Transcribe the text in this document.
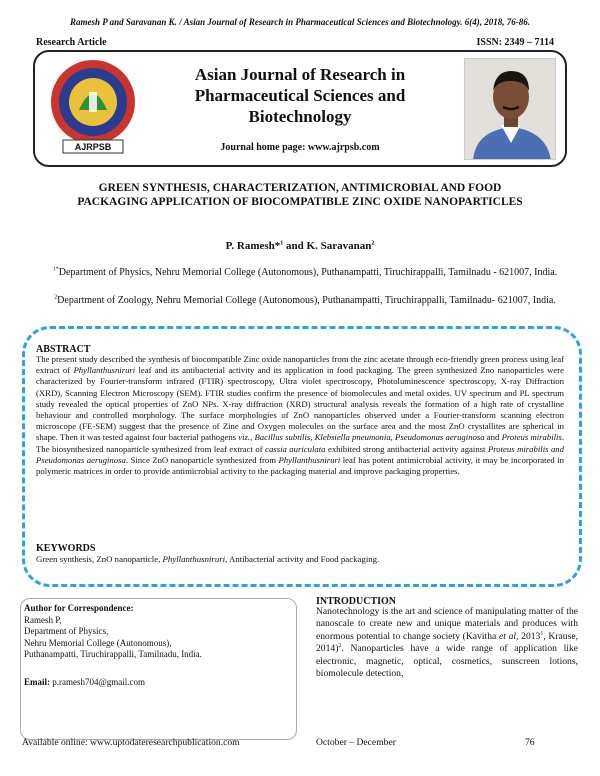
Ramesh P and Saravanan K. / Asian Journal of Research in Pharmaceutical Sciences and Biotechnology. 6(4), 2018, 76-86.
Research Article	ISSN: 2349 – 7114
AJRPSB
Asian Journal of Research in
Pharmaceutical Sciences and
Biotechnology
Journal home page: www.ajrpsb.com
GREEN SYNTHESIS, CHARACTERIZATION, ANTIMICROBIAL AND FOOD PACKAGING APPLICATION OF BIOCOMPATIBLE ZINC OXIDE NANOPARTICLES
P. Ramesh*$^1$ and K. Saravanan$^2$
$^{1*}$Department of Physics, Nehru Memorial College (Autonomous), Puthanampatti, Tiruchirappalli, Tamilnadu - 621007, India.
$^2$Department of Zoology, Nehru Memorial College (Autonomous), Puthanampatti, Tiruchirappalli, Tamilnadu- 621007, India.
ABSTRACT
The present study described the synthesis of biocompatible Zinc oxide nanoparticles from the zinc acetate through eco-friendly green process using leaf extract of Phyllanthusniruri leaf and its antibacterial activity and its application in food packaging. The green synthesized Zno nanoparticles were characterized by Fourier-transform infrared (FTIR) spectroscopy, Ultra violet spectroscopy, Photoluminescence spectroscopy, X-ray Diffraction (XRD), Scanning Electron Microscopy (SEM). FTIR studies confirm the presence of biomolecules and metal oxides. UV spectrum and PL spectrum study revealed the optical properties of ZnO NPs. X-ray diffraction (XRD) structural analysis reveals the formation of a high rate of crystalline behaviour and controlled morphology. The surface morphologies of ZnO nanoparticles observed under a Fourier-transform scanning electron microscope (FE-SEM) suggest that the presence of Zine and Oxygen molecules on the surface area and the most ZnO crystallites are spherical in shape. Then it was tested against four bacterial pathogens viz., Bacillus subtilis, Klebsiella pneumonia, Pseudomonas aeruginosa and Proteus mirabilis. The biosynthesized nanoparticle synthesized from leaf extract of cassia auriculata exhibited strong antibacterial activity against Proteus mirabilis and Pseudomonas aeruginosa. Since ZnO nanoparticle synthesized from Phyllanthusniruri leaf has potent antimicrobial activity, it may be incorporated in polymeric matrices in order to provide antimicrobial activity to the packaging material and improve packaging properties.
KEYWORDS
Green synthesis, ZnO nanoparticle, Phyllanthusniruri, Antibacterial activity and Food packaging.
Author for Correspondence:
Ramesh P,
Department of Physics,
Nehru Memorial College (Autonomous),
Puthanampatti, Tiruchirappalli, Tamilnadu, India.
Email: p.ramesh704@gmail.com
INTRODUCTION
Nanotechnology is the art and science of manipulating matter of the nanoscale to create new and unique materials and produces with enormous potential to change society (Kavitha et al, 2013$^1$, Krause, 2014)$^2$. Nanoparticles have a wide range of application like electronic, magnetic, optical, cosmetics, sunscreen lotions, biomolecule detection,
Available online: www.uptodateresearchpublication.com	October – December	76
